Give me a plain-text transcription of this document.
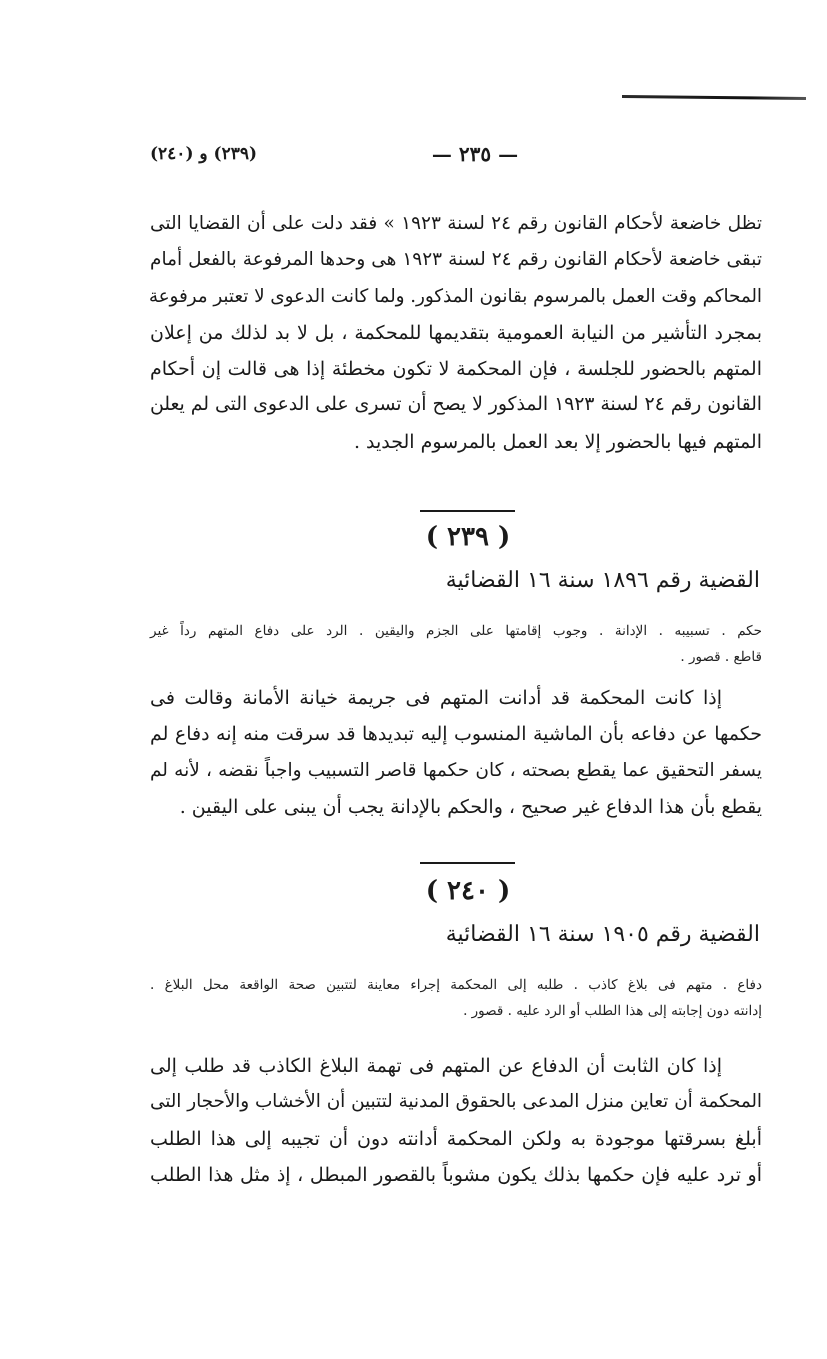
(٢٣٩) و (٢٤٠)	— ٢٣٥ —
تظل خاضعة لأحكام القانون رقم ٢٤ لسنة ١٩٢٣ » فقد دلت على أن القضايا التى
تبقى خاضعة لأحكام القانون رقم ٢٤ لسنة ١٩٢٣ هى وحدها المرفوعة بالفعل أمام
المحاكم وقت العمل بالمرسوم بقانون المذكور. ولما كانت الدعوى لا تعتبر مرفوعة
بمجرد التأشير من النيابة العمومية بتقديمها للمحكمة ، بل لا بد لذلك من إعلان
المتهم بالحضور للجلسة ، فإن المحكمة لا تكون مخطئة إذا هى قالت إن أحكام
القانون رقم ٢٤ لسنة ١٩٢٣ المذكور لا يصح أن تسرى على الدعوى التى لم يعلن
المتهم فيها بالحضور إلا بعد العمل بالمرسوم الجديد .
( ٢٣٩ )
القضية رقم ١٨٩٦ سنة ١٦ القضائية
حكم . تسبيبه . الإدانة . وجوب إقامتها على الجزم واليقين . الرد على دفاع المتهم رداً غير
قاطع . قصور .
إذا كانت المحكمة قد أدانت المتهم فى جريمة خيانة الأمانة وقالت فى
حكمها عن دفاعه بأن الماشية المنسوب إليه تبديدها قد سرقت منه إنه دفاع لم
يسفر التحقيق عما يقطع بصحته ، كان حكمها قاصر التسبيب واجباً نقضه ، لأنه لم
يقطع بأن هذا الدفاع غير صحيح ، والحكم بالإدانة يجب أن يبنى على اليقين .
( ٢٤٠ )
القضية رقم ١٩٠٥ سنة ١٦ القضائية
دفاع . متهم فى بلاغ كاذب . طلبه إلى المحكمة إجراء معاينة لتتبين صحة الواقعة محل البلاغ .
إدانته دون إجابته إلى هذا الطلب أو الرد عليه . قصور .
إذا كان الثابت أن الدفاع عن المتهم فى تهمة البلاغ الكاذب قد طلب إلى
المحكمة أن تعاين منزل المدعى بالحقوق المدنية لتتبين أن الأخشاب والأحجار التى
أبلغ بسرقتها موجودة به ولكن المحكمة أدانته دون أن تجيبه إلى هذا الطلب
أو ترد عليه فإن حكمها بذلك يكون مشوباً بالقصور المبطل ، إذ مثل هذا الطلب
